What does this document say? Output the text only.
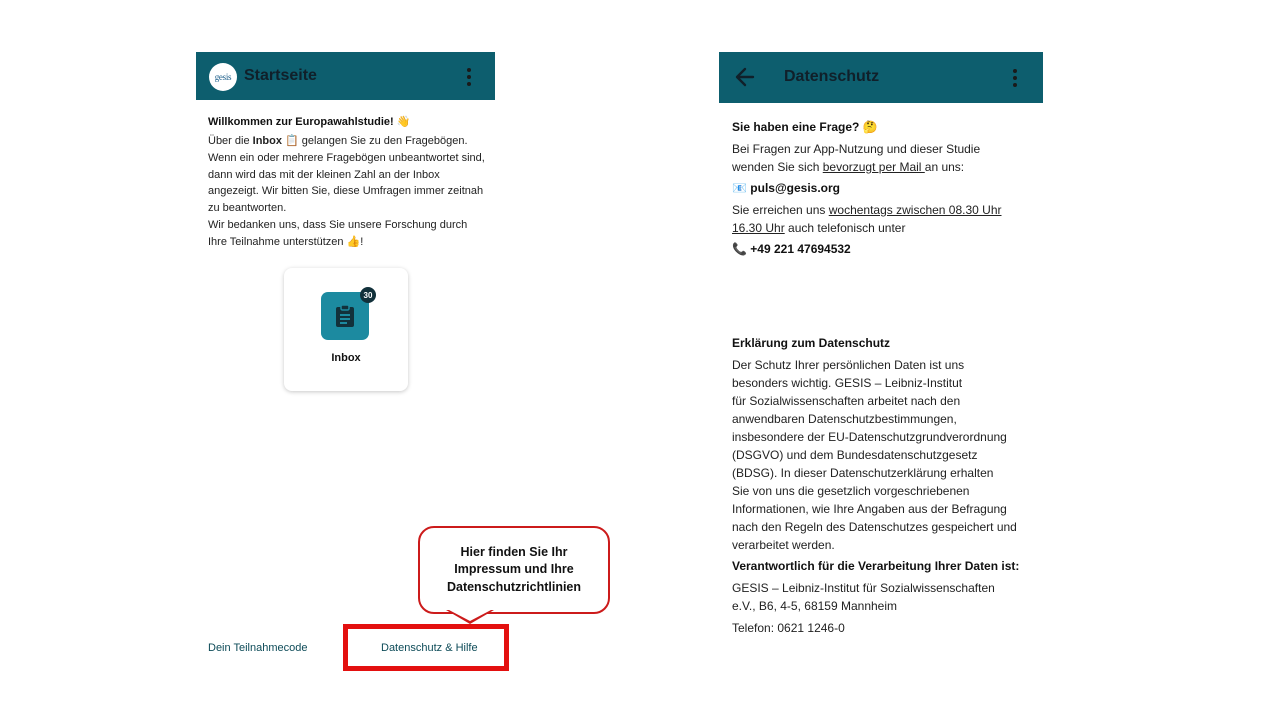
gesis Startseite
Willkommen zur Europawahlstudie! 👋
Über die Inbox 📋 gelangen Sie zu den Fragebögen. Wenn ein oder mehrere Fragebögen unbeantwortet sind, dann wird das mit der kleinen Zahl an der Inbox angezeigt. Wir bitten Sie, diese Umfragen immer zeitnah zu beantworten.
Wir bedanken uns, dass Sie unsere Forschung durch Ihre Teilnahme unterstützen 👍!
30
Inbox
Dein Teilnahmecode	Datenschutz & Hilfe
Hier finden Sie Ihr Impressum und Ihre Datenschutzrichtlinien
Datenschutz
Sie haben eine Frage? 🤔
Bei Fragen zur App-Nutzung und dieser Studie
wenden Sie sich bevorzugt per Mail an uns:
📧 puls@gesis.org
Sie erreichen uns wochentags zwischen 08.30 Uhr
16.30 Uhr auch telefonisch unter
📞 +49 221 47694532
Erklärung zum Datenschutz
Der Schutz Ihrer persönlichen Daten ist uns
besonders wichtig. GESIS – Leibniz-Institut
für Sozialwissenschaften arbeitet nach den
anwendbaren Datenschutzbestimmungen,
insbesondere der EU-Datenschutzgrundverordnung
(DSGVO) und dem Bundesdatenschutzgesetz
(BDSG). In dieser Datenschutzerklärung erhalten
Sie von uns die gesetzlich vorgeschriebenen
Informationen, wie Ihre Angaben aus der Befragung
nach den Regeln des Datenschutzes gespeichert und
verarbeitet werden.
Verantwortlich für die Verarbeitung Ihrer Daten ist:
GESIS – Leibniz-Institut für Sozialwissenschaften
e.V., B6, 4-5, 68159 Mannheim
Telefon: 0621 1246-0
